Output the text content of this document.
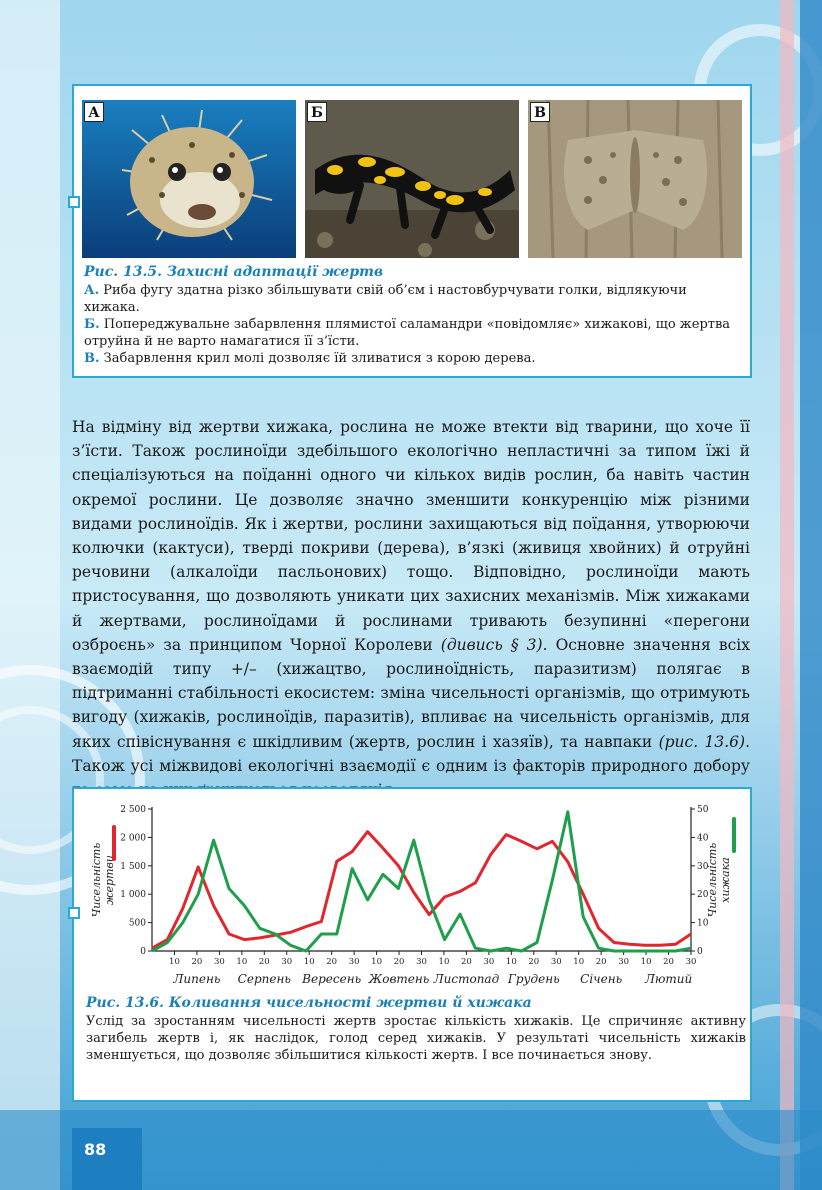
А	Б	В

Рис. 13.5. Захисні адаптації жертв

А. Риба фугу здатна різко збільшувати свій об’єм і настовбурчувати голки, відлякуючи хижака.

Б. Попереджувальне забарвлення плямистої саламандри «повідомляє» хижакові, що жертва отруйна й не варто намагатися її з’їсти.

В. Забарвлення крил молі дозволяє їй зливатися з корою дерева.

На відміну від жертви хижака, рослина не може втекти від тварини, що хоче її з’їсти. Також рослиноїди здебільшого екологічно непластичні за типом їжі й спеціалізуються на поїданні одного чи кількох видів рослин, ба навіть частин окремої рослини. Це дозволяє значно зменшити конкуренцію між різними видами рослиноїдів. Як і жертви, рослини захищаються від поїдання, утворюючи колючки (кактуси), тверді покриви (дерева), в’язкі (живиця хвойних) й отруйні речовини (алкалоїди пасльонових) тощо. Відповідно, рослиноїди мають пристосування, що дозволяють уникати цих захисних механізмів. Між хижаками й жертвами, рослиноїдами й рослинами тривають безупинні «перегони озброєнь» за принципом Чорної Королеви (дивись § 3). Основне значення всіх взаємодій типу +/– (хижацтво, рослиноїдність, паразитизм) полягає в підтриманні стабільності екосистем: зміна чисельності організмів, що отримують вигоду (хижаків, рослиноїдів, паразитів), впливає на чисельність організмів, для яких співіснування є шкідливим (жертв, рослин і хазяїв), та навпаки (рис. 13.6). Також усі міжвидові екологічні взаємодії є одним із факторів природного добору

0
500
1 000
1 500
2 000
2 500
0
10
20
30
40
50
10 20 30 10 20 30 10 20 30 10 20 30 10 20 30 10 20 30 10 20 30 10 20 30
Липень Серпень Вересень Жовтень Листопад Грудень Січень Лютий
Чисельністьжертви	Чисельністьхижака

Рис. 13.6. Коливання чисельності жертви й хижака

Услід за зростанням чисельності жертв зростає кількість хижаків. Це спричиняє активну загибель жертв і, як наслідок, голод серед хижаків. У результаті чисельність хижаків зменшується, що дозволяє збільшитися кількості жертв. І все починається знову.

88
